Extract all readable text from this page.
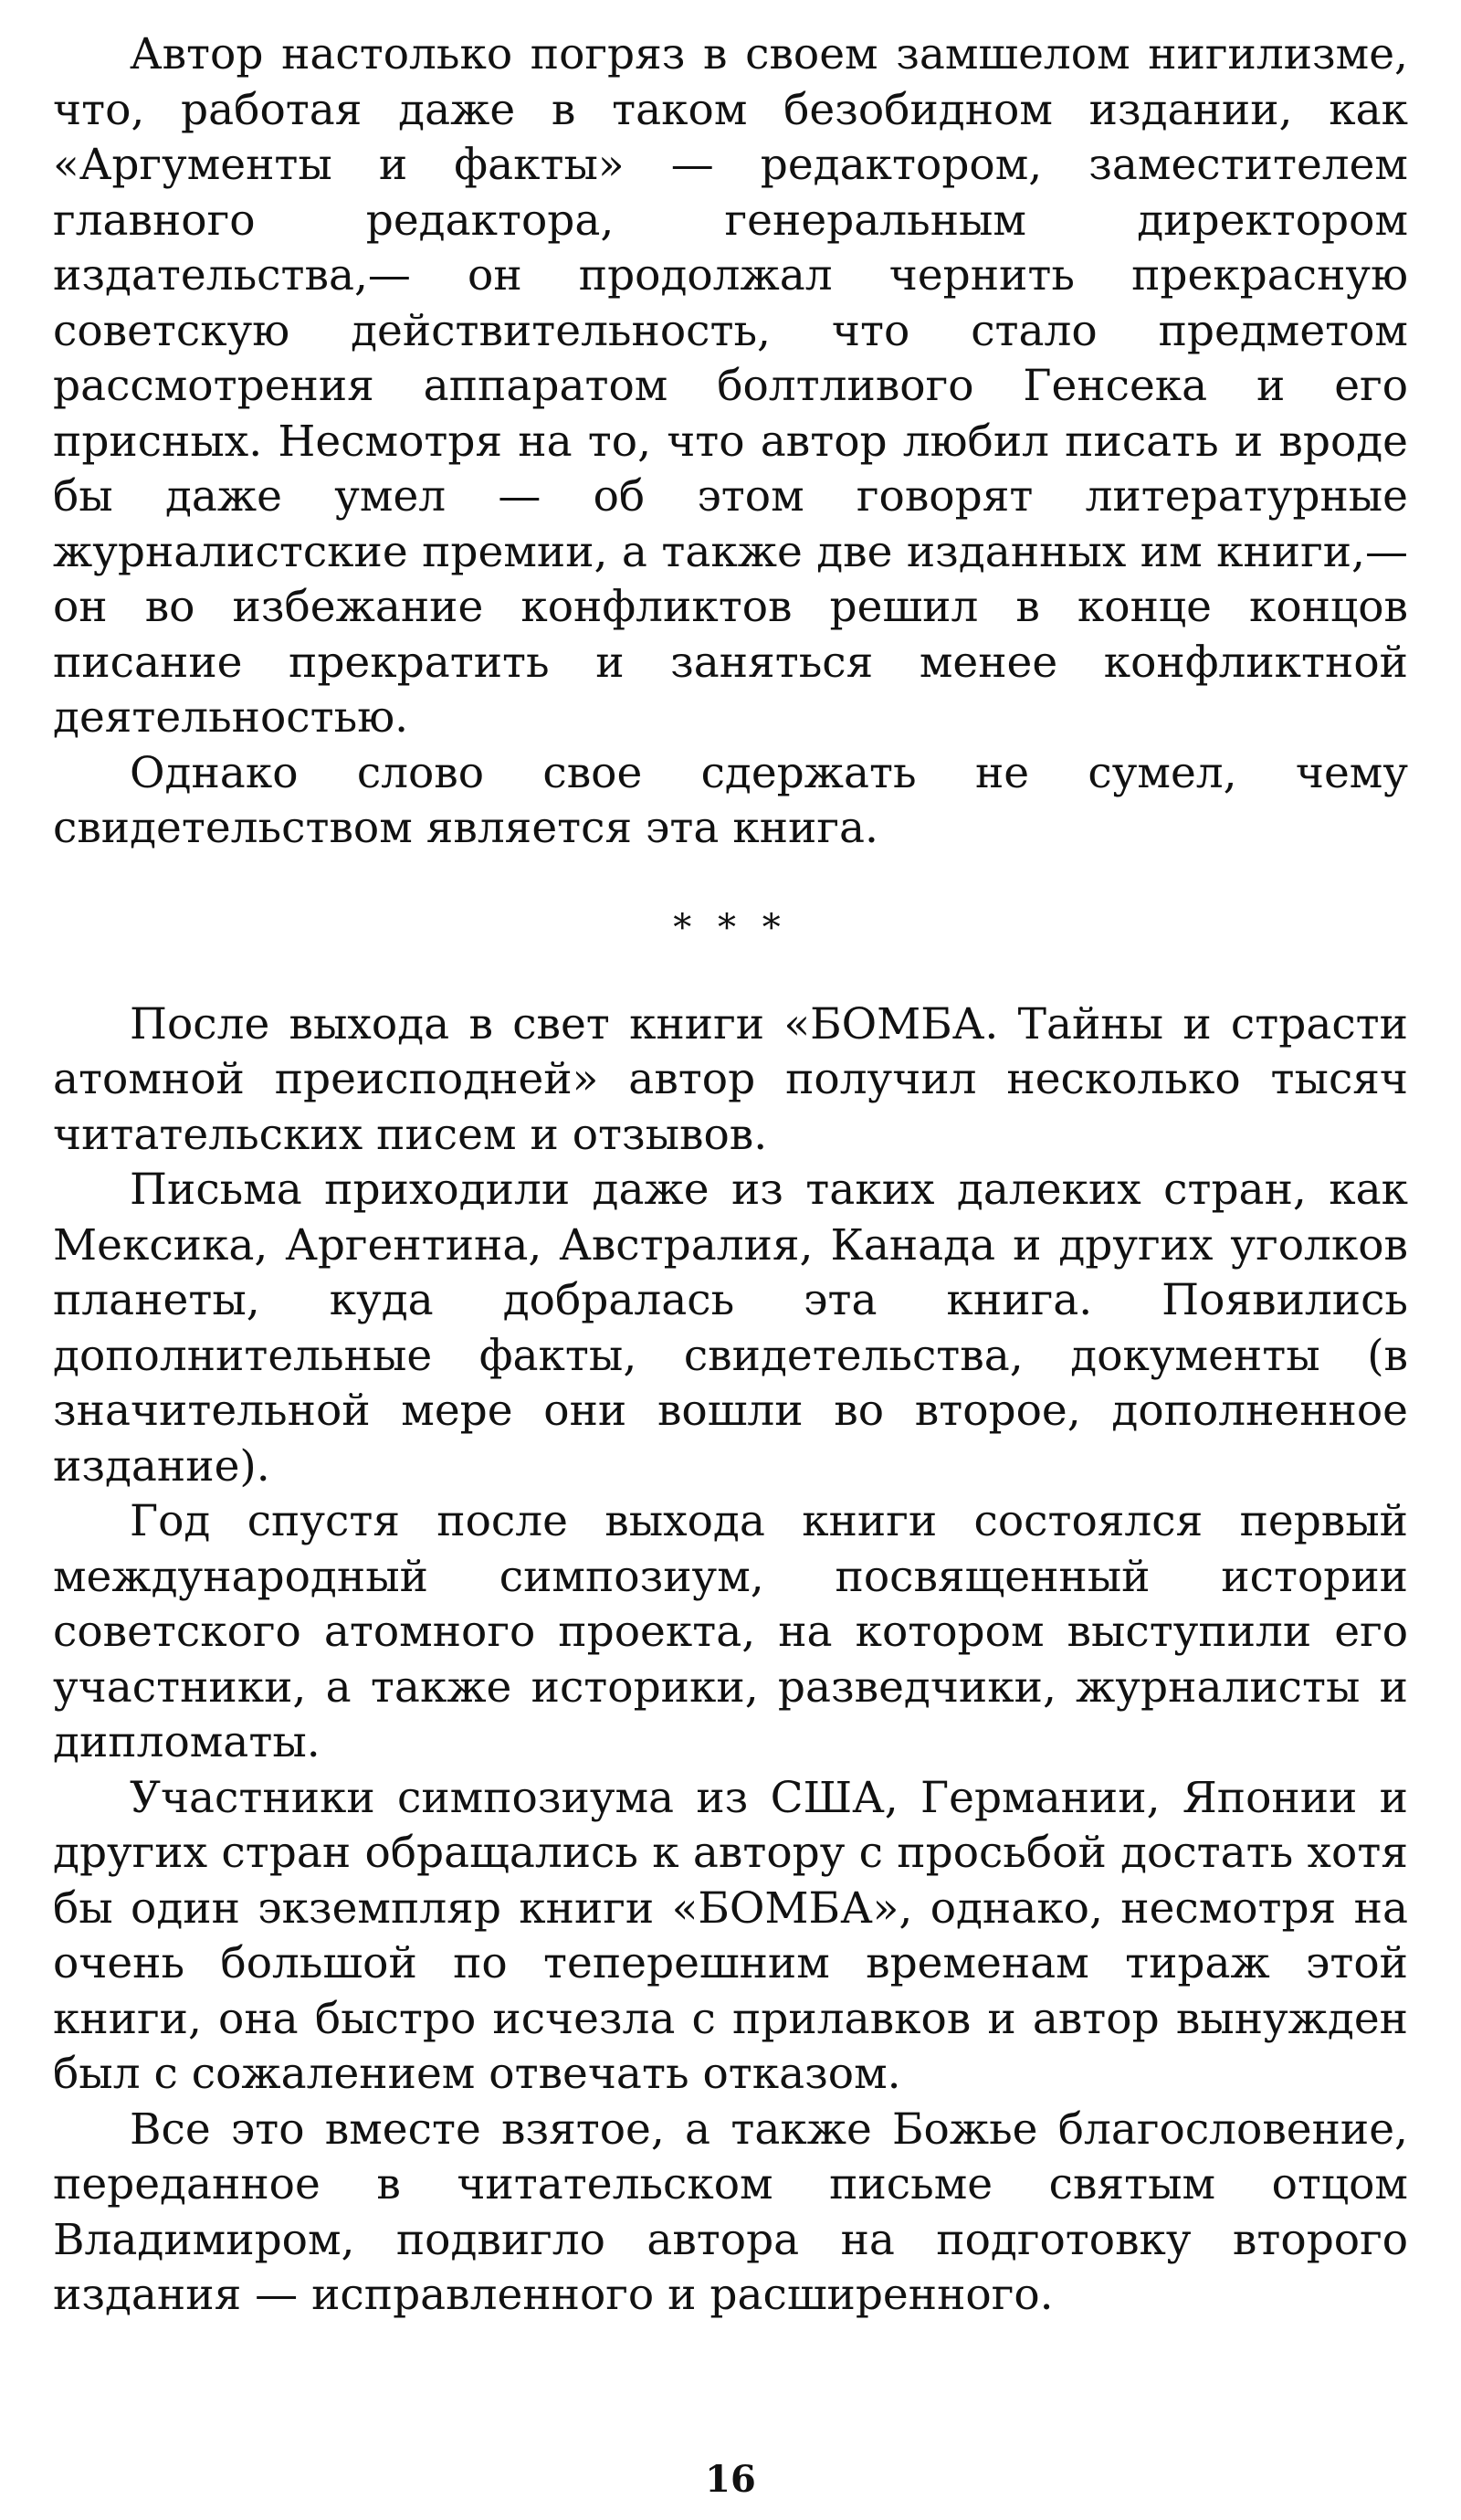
Автор настолько погряз в своем замшелом нигилизме, что, работая даже в таком безобидном издании, как «Аргументы и факты» — редактором, заместителем главного редактора, генеральным директором издательства,— он продолжал чернить прекрасную советскую действительность, что стало предметом рассмотрения аппаратом болтливого Генсека и его присных. Несмотря на то, что автор любил писать и вроде бы даже умел — об этом говорят литературные журналистские премии, а также две изданных им книги,— он во избежание конфликтов решил в конце концов писание прекратить и заняться менее конфликтной деятельностью.

Однако слово свое сдержать не сумел, чему свидетельством является эта книга.

* * *

После выхода в свет книги «БОМБА. Тайны и страсти атомной преисподней» автор получил несколько тысяч читательских писем и отзывов.

Письма приходили даже из таких далеких стран, как Мексика, Аргентина, Австралия, Канада и других уголков планеты, куда добралась эта книга. Появились дополнительные факты, свидетельства, документы (в значительной мере они вошли во второе, дополненное издание).

Год спустя после выхода книги состоялся первый международный симпозиум, посвященный истории советского атомного проекта, на котором выступили его участники, а также историки, разведчики, журналисты и дипломаты.

Участники симпозиума из США, Германии, Японии и других стран обращались к автору с просьбой достать хотя бы один экземпляр книги «БОМБА», однако, несмотря на очень большой по теперешним временам тираж этой книги, она быстро исчезла с прилавков и автор вынужден был с сожалением отвечать отказом.

Все это вместе взятое, а также Божье благословение, переданное в читательском письме святым отцом Владимиром, подвигло автора на подготовку второго издания — исправленного и расширенного.

16
